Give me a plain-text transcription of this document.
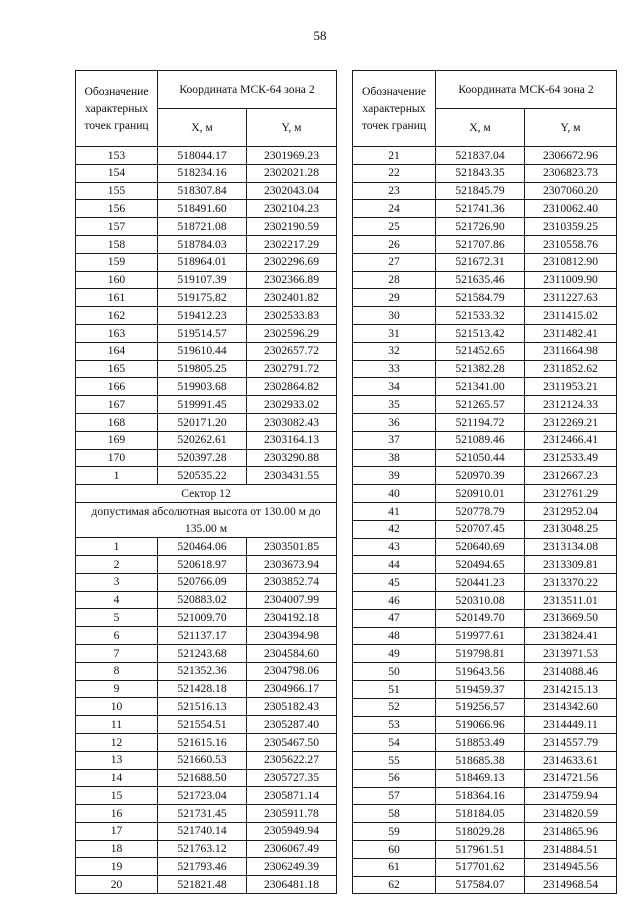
58
Обозначение характерных точек границ	Координата МСК-64 зона 2	
	X, м	Y, м
153	518044.17	2301969.23
154	518234.16	2302021.28
155	518307.84	2302043.04
156	518491.60	2302104.23
157	518721.08	2302190.59
158	518784.03	2302217.29
159	518964.01	2302296.69
160	519107.39	2302366.89
161	519175.82	2302401.82
162	519412.23	2302533.83
163	519514.57	2302596.29
164	519610.44	2302657.72
165	519805.25	2302791.72
166	519903.68	2302864.82
167	519991.45	2302933.02
168	520171.20	2303082.43
169	520262.61	2303164.13
170	520397.28	2303290.88
1	520535.22	2303431.55
Сектор 12		
допустимая абсолютная высота от 130.00 м до 135.00 м		
1	520464.06	2303501.85
2	520618.97	2303673.94
3	520766.09	2303852.74
4	520883.02	2304007.99
5	521009.70	2304192.18
6	521137.17	2304394.98
7	521243.68	2304584.60
8	521352.36	2304798.06
9	521428.18	2304966.17
10	521516.13	2305182.43
11	521554.51	2305287.40
12	521615.16	2305467.50
13	521660.53	2305622.27
14	521688.50	2305727.35
15	521723.04	2305871.14
16	521731.45	2305911.78
17	521740.14	2305949.94
18	521763.12	2306067.49
19	521793.46	2306249.39
20	521821.48	2306481.18
Обозначение характерных точек границ	Координата МСК-64 зона 2	
	X, м	Y, м
21	521837.04	2306672.96
22	521843.35	2306823.73
23	521845.79	2307060.20
24	521741.36	2310062.40
25	521726.90	2310359.25
26	521707.86	2310558.76
27	521672.31	2310812.90
28	521635.46	2311009.90
29	521584.79	2311227.63
30	521533.32	2311415.02
31	521513.42	2311482.41
32	521452.65	2311664.98
33	521382.28	2311852.62
34	521341.00	2311953.21
35	521265.57	2312124.33
36	521194.72	2312269.21
37	521089.46	2312466.41
38	521050.44	2312533.49
39	520970.39	2312667.23
40	520910.01	2312761.29
41	520778.79	2312952.04
42	520707.45	2313048.25
43	520640.69	2313134.08
44	520494.65	2313309.81
45	520441.23	2313370.22
46	520310.08	2313511.01
47	520149.70	2313669.50
48	519977.61	2313824.41
49	519798.81	2313971.53
50	519643.56	2314088.46
51	519459.37	2314215.13
52	519256.57	2314342.60
53	519066.96	2314449.11
54	518853.49	2314557.79
55	518685.38	2314633.61
56	518469.13	2314721.56
57	518364.16	2314759.94
58	518184.05	2314820.59
59	518029.28	2314865.96
60	517961.51	2314884.51
61	517701.62	2314945.56
62	517584.07	2314968.54
